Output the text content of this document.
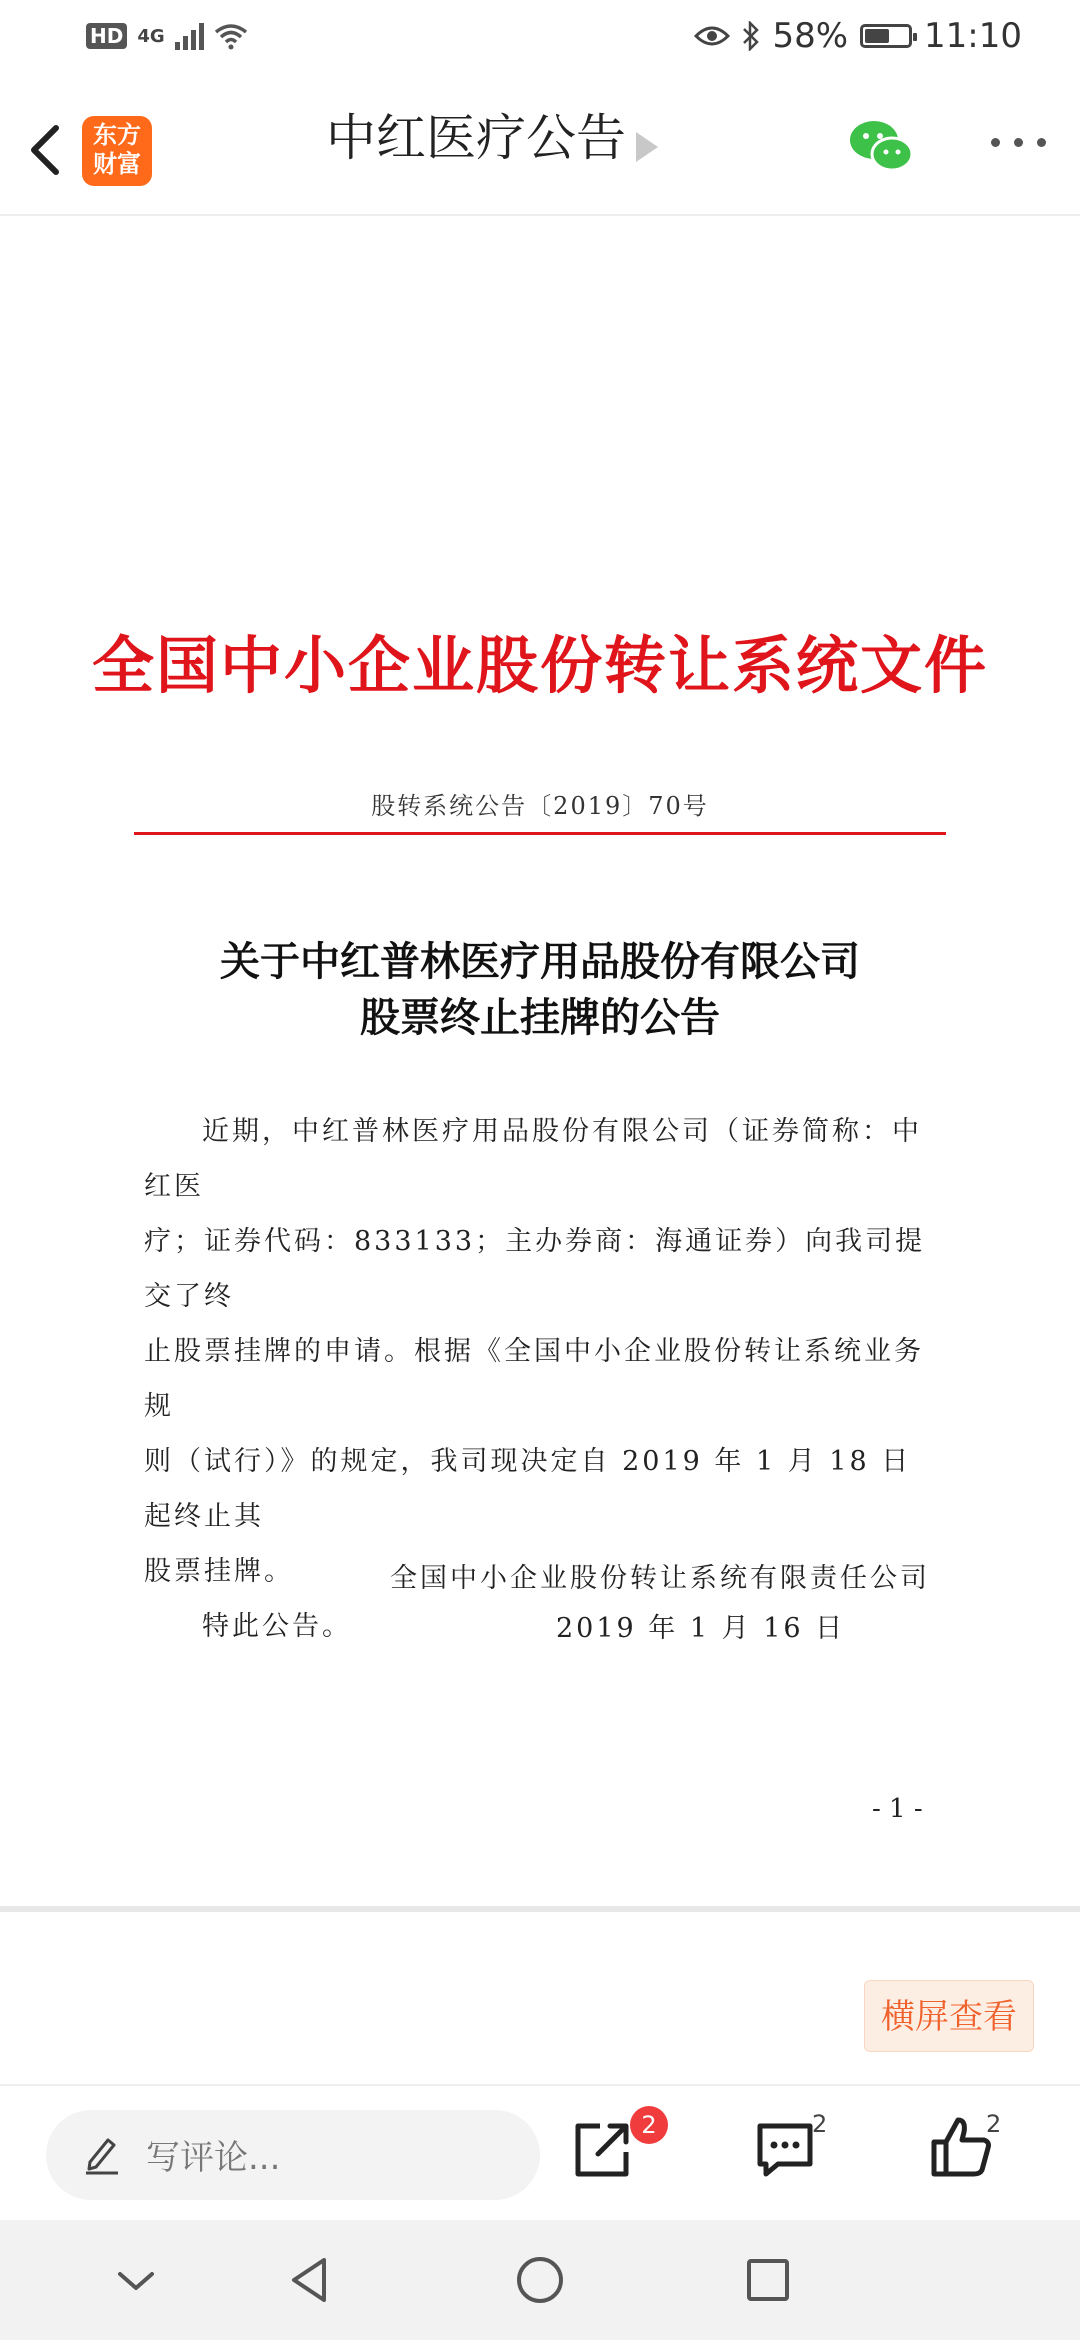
HD 4G	58% 11:10
东方
财富	中红医疗公告
全国中小企业股份转让系统文件
股转系统公告〔2019〕70号
关于中红普林医疗用品股份有限公司
股票终止挂牌的公告
近期，中红普林医疗用品股份有限公司（证券简称：中红医
疗；证券代码：833133；主办券商：海通证券）向我司提交了终
止股票挂牌的申请。根据《全国中小企业股份转让系统业务规
则（试行）》的规定，我司现决定自 2019 年 1 月 18 日起终止其
股票挂牌。
特此公告。
全国中小企业股份转让系统有限责任公司
2019 年 1 月 16 日
- 1 -
横屏查看
写评论...
2	2	2
